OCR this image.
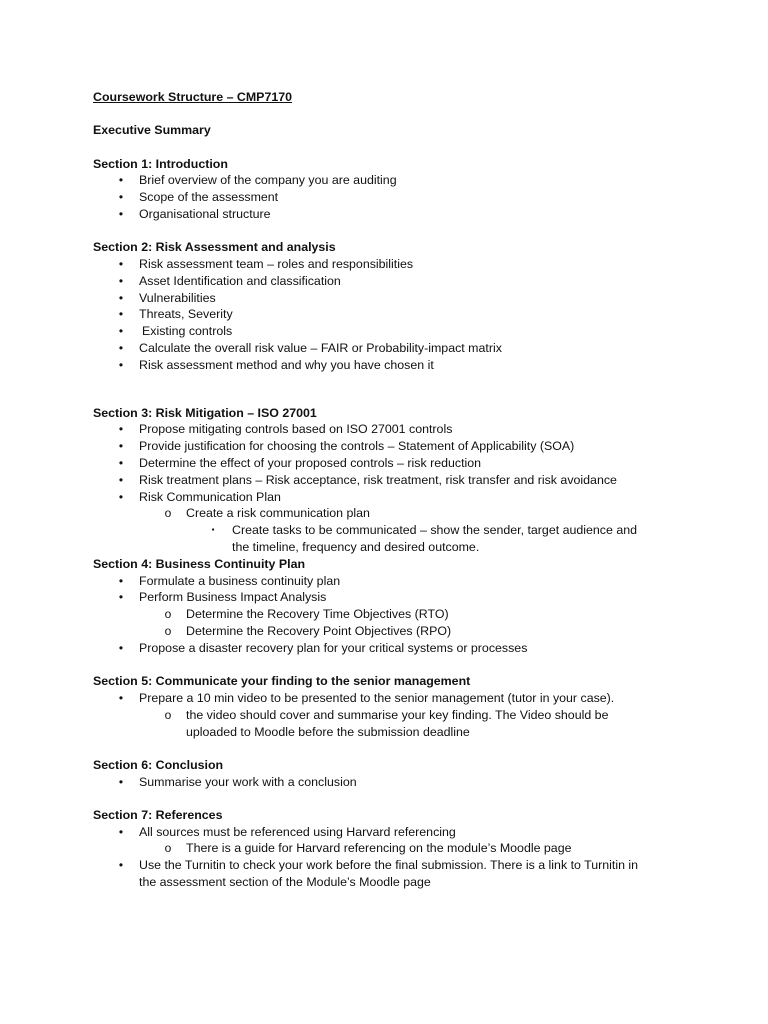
Coursework Structure – CMP7170
Executive Summary
Section 1: Introduction
•	Brief overview of the company you are auditing
•	Scope of the assessment
•	Organisational structure
Section 2: Risk Assessment and analysis
•	Risk assessment team – roles and responsibilities
•	Asset Identification and classification
•	Vulnerabilities
•	Threats, Severity
•	Existing controls
•	Calculate the overall risk value – FAIR or Probability-impact matrix
•	Risk assessment method and why you have chosen it
Section 3: Risk Mitigation – ISO 27001
•	Propose mitigating controls based on ISO 27001 controls
•	Provide justification for choosing the controls – Statement of Applicability (SOA)
•	Determine the effect of your proposed controls – risk reduction
•	Risk treatment plans – Risk acceptance, risk treatment, risk transfer and risk avoidance
•	Risk Communication Plan
o	Create a risk communication plan
▪	Create tasks to be communicated – show the sender, target audience and
the timeline, frequency and desired outcome.
Section 4: Business Continuity Plan
•	Formulate a business continuity plan
•	Perform Business Impact Analysis
o	Determine the Recovery Time Objectives (RTO)
o	Determine the Recovery Point Objectives (RPO)
•	Propose a disaster recovery plan for your critical systems or processes
Section 5: Communicate your finding to the senior management
•	Prepare a 10 min video to be presented to the senior management (tutor in your case).
o	the video should cover and summarise your key finding. The Video should be
uploaded to Moodle before the submission deadline
Section 6: Conclusion
•	Summarise your work with a conclusion
Section 7: References
•	All sources must be referenced using Harvard referencing
o	There is a guide for Harvard referencing on the module’s Moodle page
•	Use the Turnitin to check your work before the final submission. There is a link to Turnitin in
the assessment section of the Module’s Moodle page
